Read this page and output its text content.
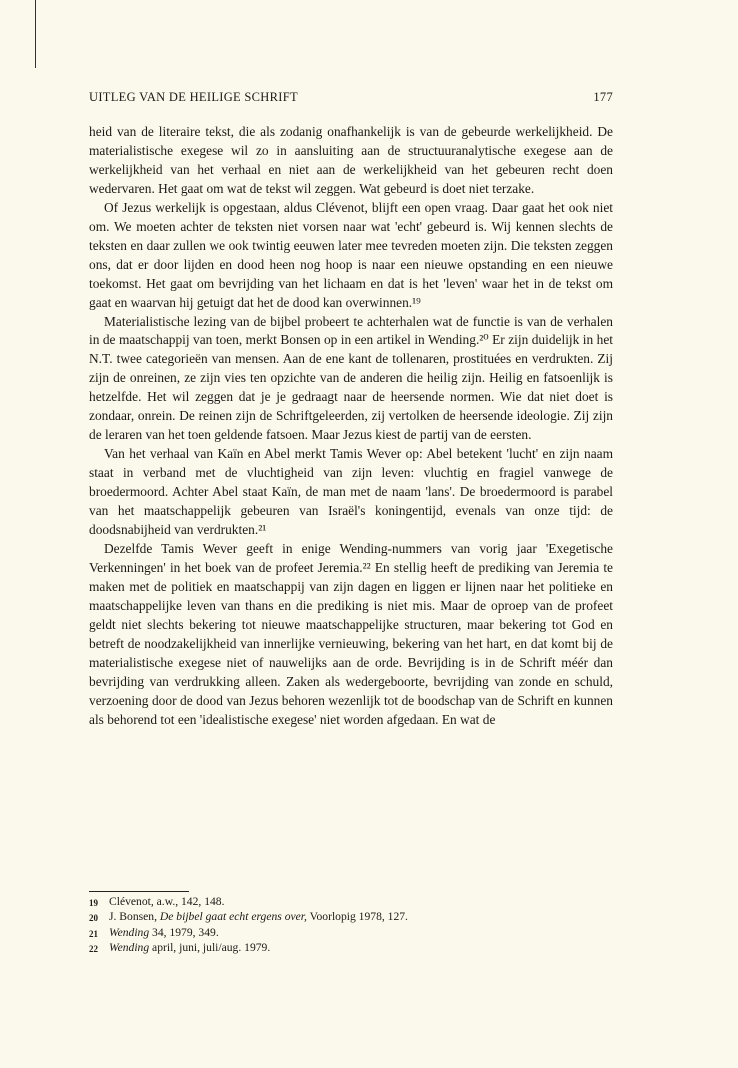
UITLEG VAN DE HEILIGE SCHRIFT	177

heid van de literaire tekst, die als zodanig onafhankelijk is van de gebeurde werkelijkheid. De materialistische exegese wil zo in aansluiting aan de structuuranalytische exegese aan de werkelijkheid van het verhaal en niet aan de werkelijkheid van het gebeuren recht doen wedervaren. Het gaat om wat de tekst wil zeggen. Wat gebeurd is doet niet terzake.

Of Jezus werkelijk is opgestaan, aldus Clévenot, blijft een open vraag. Daar gaat het ook niet om. We moeten achter de teksten niet vorsen naar wat 'echt' gebeurd is. Wij kennen slechts de teksten en daar zullen we ook twintig eeuwen later mee tevreden moeten zijn. Die teksten zeggen ons, dat er door lijden en dood heen nog hoop is naar een nieuwe opstanding en een nieuwe toekomst. Het gaat om bevrijding van het lichaam en dat is het 'leven' waar het in de tekst om gaat en waarvan hij getuigt dat het de dood kan overwinnen.¹⁹

Materialistische lezing van de bijbel probeert te achterhalen wat de functie is van de verhalen in de maatschappij van toen, merkt Bonsen op in een artikel in Wending.²⁰ Er zijn duidelijk in het N.T. twee categorieën van mensen. Aan de ene kant de tollenaren, prostituées en verdrukten. Zij zijn de onreinen, ze zijn vies ten opzichte van de anderen die heilig zijn. Heilig en fatsoenlijk is hetzelfde. Het wil zeggen dat je je gedraagt naar de heersende normen. Wie dat niet doet is zondaar, onrein. De reinen zijn de Schriftgeleerden, zij vertolken de heersende ideologie. Zij zijn de leraren van het toen geldende fatsoen. Maar Jezus kiest de partij van de eersten.

Van het verhaal van Kaïn en Abel merkt Tamis Wever op: Abel betekent 'lucht' en zijn naam staat in verband met de vluchtigheid van zijn leven: vluchtig en fragiel vanwege de broedermoord. Achter Abel staat Kaïn, de man met de naam 'lans'. De broedermoord is parabel van het maatschappelijk gebeuren van Israël's koningentijd, evenals van onze tijd: de doodsnabijheid van verdrukten.²¹

Dezelfde Tamis Wever geeft in enige Wending-nummers van vorig jaar 'Exegetische Verkenningen' in het boek van de profeet Jeremia.²² En stellig heeft de prediking van Jeremia te maken met de politiek en maatschappij van zijn dagen en liggen er lijnen naar het politieke en maatschappelijke leven van thans en die prediking is niet mis. Maar de oproep van de profeet geldt niet slechts bekering tot nieuwe maatschappelijke structuren, maar bekering tot God en betreft de noodzakelijkheid van innerlijke vernieuwing, bekering van het hart, en dat komt bij de materialistische exegese niet of nauwelijks aan de orde. Bevrijding is in de Schrift méér dan bevrijding van verdrukking alleen. Zaken als wedergeboorte, bevrijding van zonde en schuld, verzoening door de dood van Jezus behoren wezenlijk tot de boodschap van de Schrift en kunnen als behorend tot een 'idealistische exegese' niet worden afgedaan. En wat de

19 Clévenot, a.w., 142, 148.
20 J. Bonsen, De bijbel gaat echt ergens over, Voorlopig 1978, 127.
21 Wending 34, 1979, 349.
22 Wending april, juni, juli/aug. 1979.
